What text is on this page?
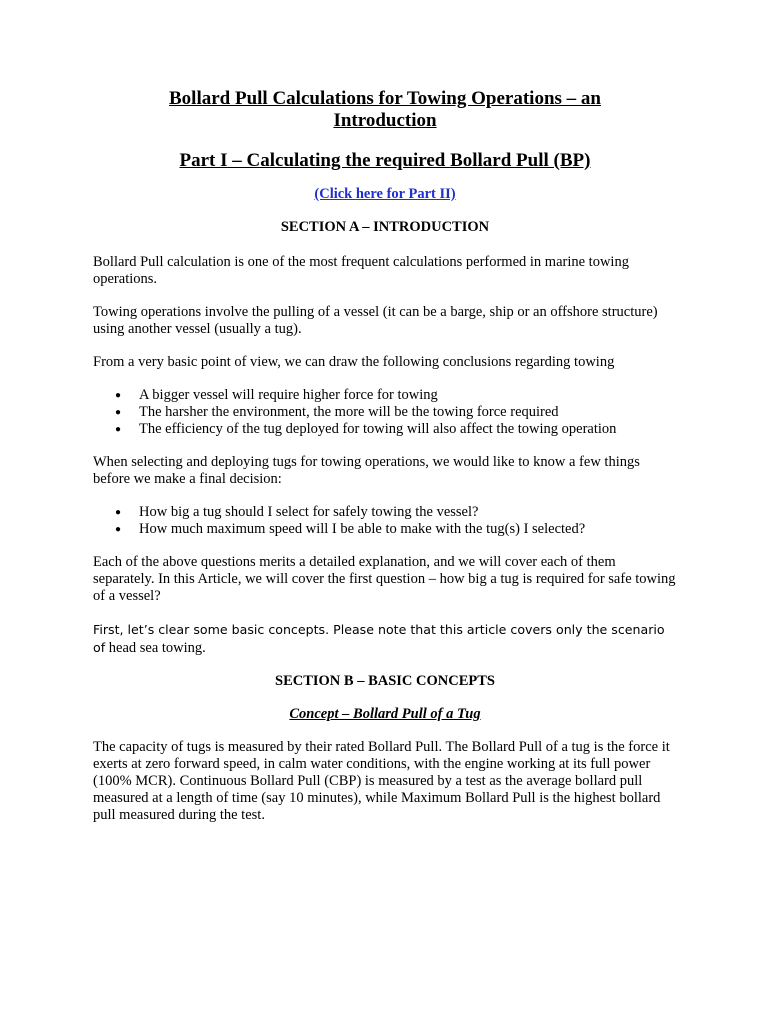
Bollard Pull Calculations for Towing Operations – an
Introduction
Part I – Calculating the required Bollard Pull (BP)
(Click here for Part II)
SECTION A – INTRODUCTION

Bollard Pull calculation is one of the most frequent calculations performed in marine towing operations.

Towing operations involve the pulling of a vessel (it can be a barge, ship or an offshore structure) using another vessel (usually a tug).

From a very basic point of view, we can draw the following conclusions regarding towing

● A bigger vessel will require higher force for towing
● The harsher the environment, the more will be the towing force required
● The efficiency of the tug deployed for towing will also affect the towing operation

When selecting and deploying tugs for towing operations, we would like to know a few things before we make a final decision:

● How big a tug should I select for safely towing the vessel?
● How much maximum speed will I be able to make with the tug(s) I selected?

Each of the above questions merits a detailed explanation, and we will cover each of them separately. In this Article, we will cover the first question – how big a tug is required for safe towing of a vessel?

First, let’s clear some basic concepts. Please note that this article covers only the scenario of head sea towing.

SECTION B – BASIC CONCEPTS
Concept – Bollard Pull of a Tug

The capacity of tugs is measured by their rated Bollard Pull. The Bollard Pull of a tug is the force it exerts at zero forward speed, in calm water conditions, with the engine working at its full power (100% MCR). Continuous Bollard Pull (CBP) is measured by a test as the average bollard pull measured at a length of time (say 10 minutes), while Maximum Bollard Pull is the highest bollard pull measured during the test.
